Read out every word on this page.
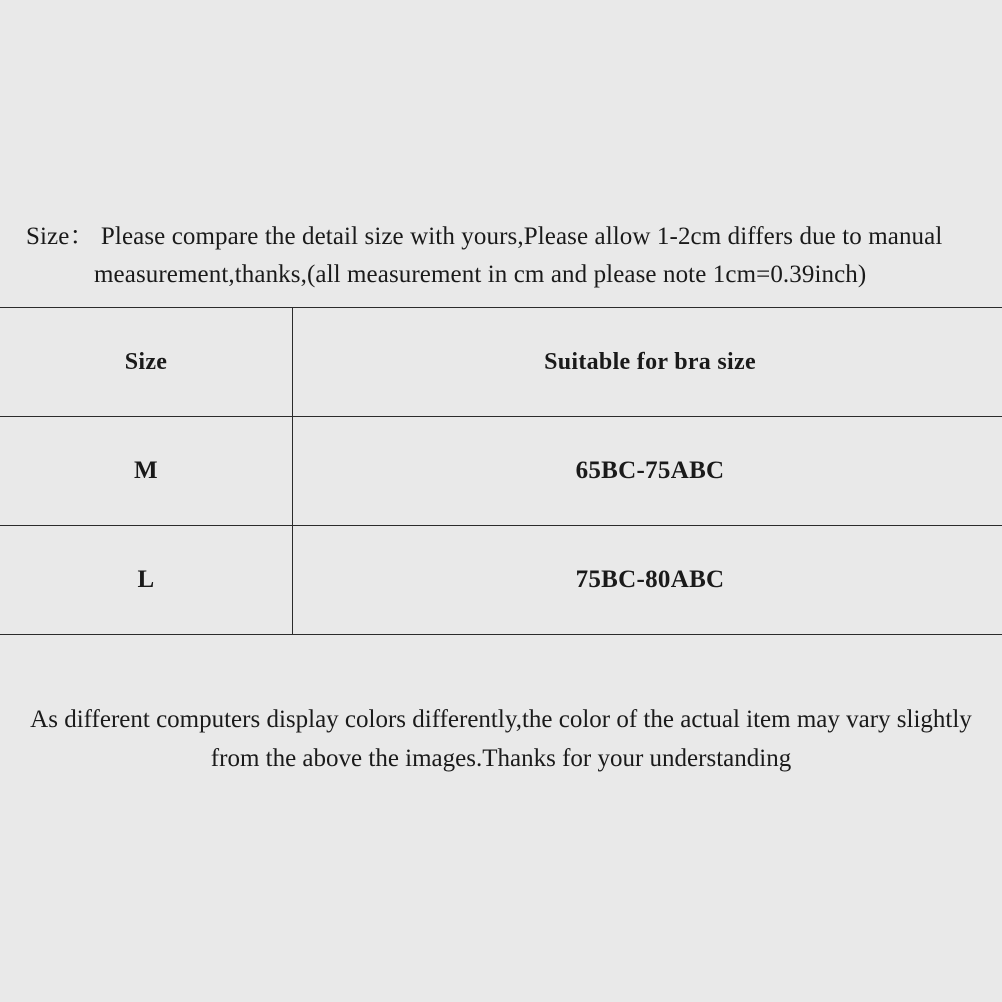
Size： Please compare the detail size with yours,Please allow 1-2cm differs due to manual
measurement,thanks,(all measurement in cm and please note 1cm=0.39inch)
Size	Suitable for bra size
M	65BC-75ABC
L	75BC-80ABC
As different computers display colors differently,the color of the actual item may vary slightly
from the above the images.Thanks for your understanding
